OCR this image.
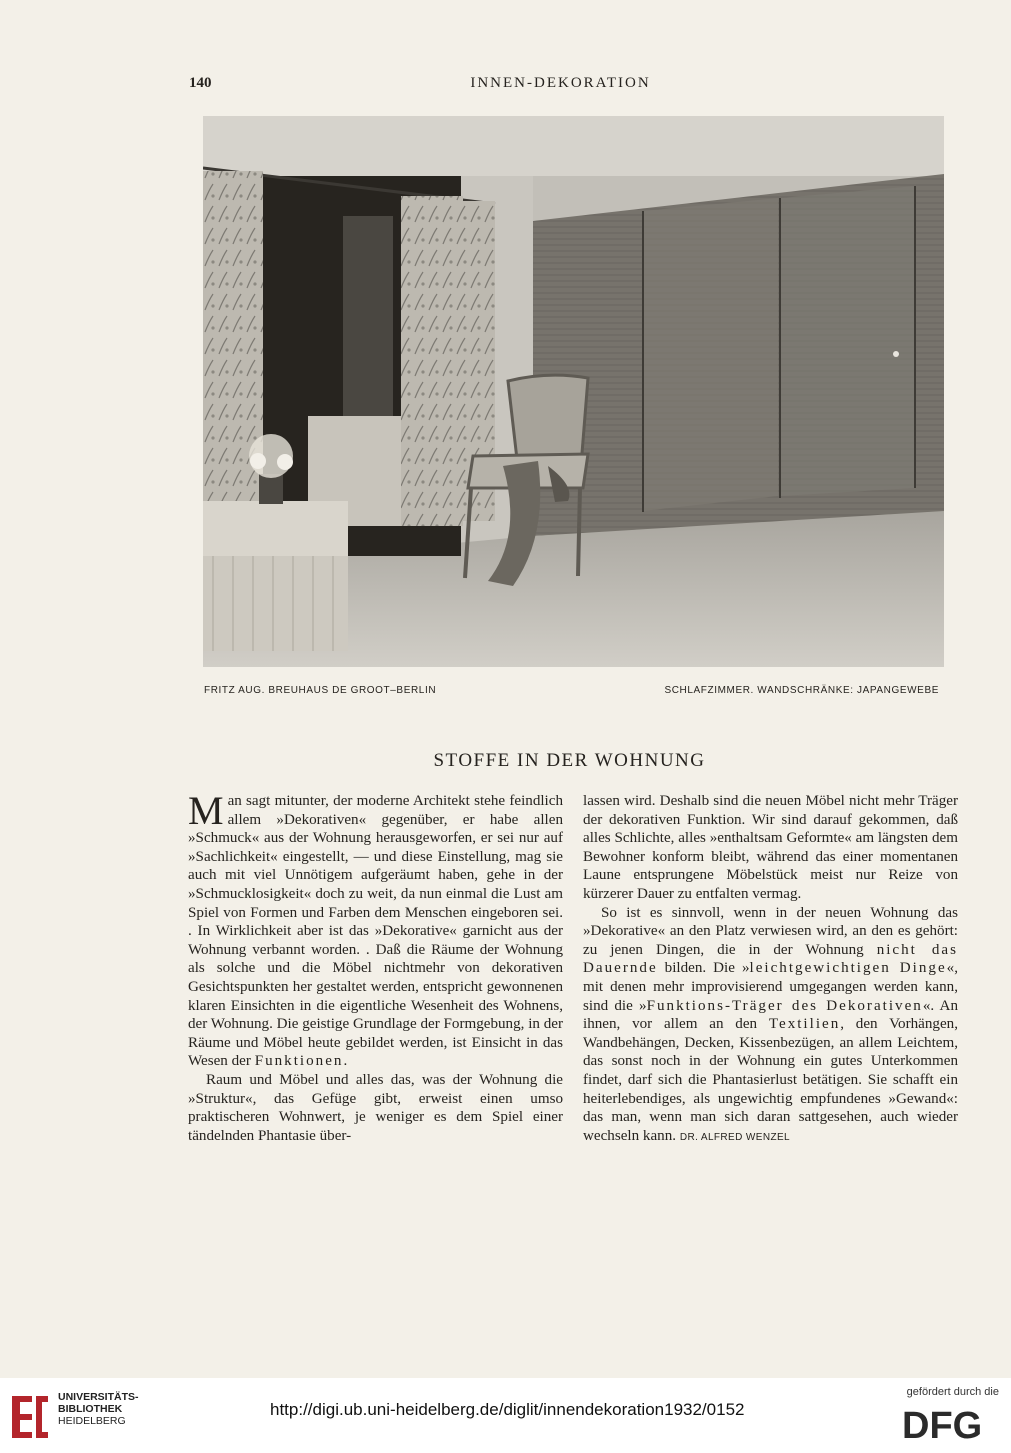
140	INNEN-DEKORATION
FRITZ AUG. BREUHAUS DE GROOT–BERLIN	SCHLAFZIMMER. WANDSCHRÄNKE: JAPANGEWEBE
STOFFE IN DER WOHNUNG

Man sagt mitunter, der moderne Architekt stehe feindlich allem »Dekorativen« gegenüber, er habe allen »Schmuck« aus der Wohnung herausgeworfen, er sei nur auf »Sachlichkeit« eingestellt, — und diese Einstellung, mag sie auch mit viel Unnötigem aufgeräumt haben, gehe in der »Schmucklosigkeit« doch zu weit, da nun einmal die Lust am Spiel von Formen und Farben dem Menschen eingeboren sei. . In Wirklichkeit aber ist das »Dekorative« garnicht aus der Wohnung verbannt worden. . Daß die Räume der Wohnung als solche und die Möbel nichtmehr von dekorativen Gesichtspunkten her gestaltet werden, entspricht gewonnenen klaren Einsichten in die eigentliche Wesenheit des Wohnens, der Wohnung. Die geistige Grundlage der Formgebung, in der Räume und Möbel heute gebildet werden, ist Einsicht in das Wesen der Funktionen.

Raum und Möbel und alles das, was der Wohnung die »Struktur«, das Gefüge gibt, erweist einen umso praktischeren Wohnwert, je weniger es dem Spiel einer tändelnden Phantasie über-

lassen wird. Deshalb sind die neuen Möbel nicht mehr Träger der dekorativen Funktion. Wir sind darauf gekommen, daß alles Schlichte, alles »enthaltsam Geformte« am längsten dem Bewohner konform bleibt, während das einer momentanen Laune entsprungene Möbelstück meist nur Reize von kürzerer Dauer zu entfalten vermag.

So ist es sinnvoll, wenn in der neuen Wohnung das »Dekorative« an den Platz verwiesen wird, an den es gehört: zu jenen Dingen, die in der Wohnung nicht das Dauernde bilden. Die »leichtgewichtigen Dinge«, mit denen mehr improvisierend umgegangen werden kann, sind die »Funktions-Träger des Dekorativen«. An ihnen, vor allem an den Textilien, den Vorhängen, Wandbehängen, Decken, Kissenbezügen, an allem Leichtem, das sonst noch in der Wohnung ein gutes Unterkommen findet, darf sich die Phantasierlust betätigen. Sie schafft ein heiterlebendiges, als ungewichtig empfundenes »Gewand«: das man, wenn man sich daran sattgesehen, auch wieder wechseln kann. DR. ALFRED WENZEL

UNIVERSITÄTS-
BIBLIOTHEK
HEIDELBERG
http://digi.ub.uni-heidelberg.de/diglit/innendekoration1932/0152
gefördert durch die
DFG
